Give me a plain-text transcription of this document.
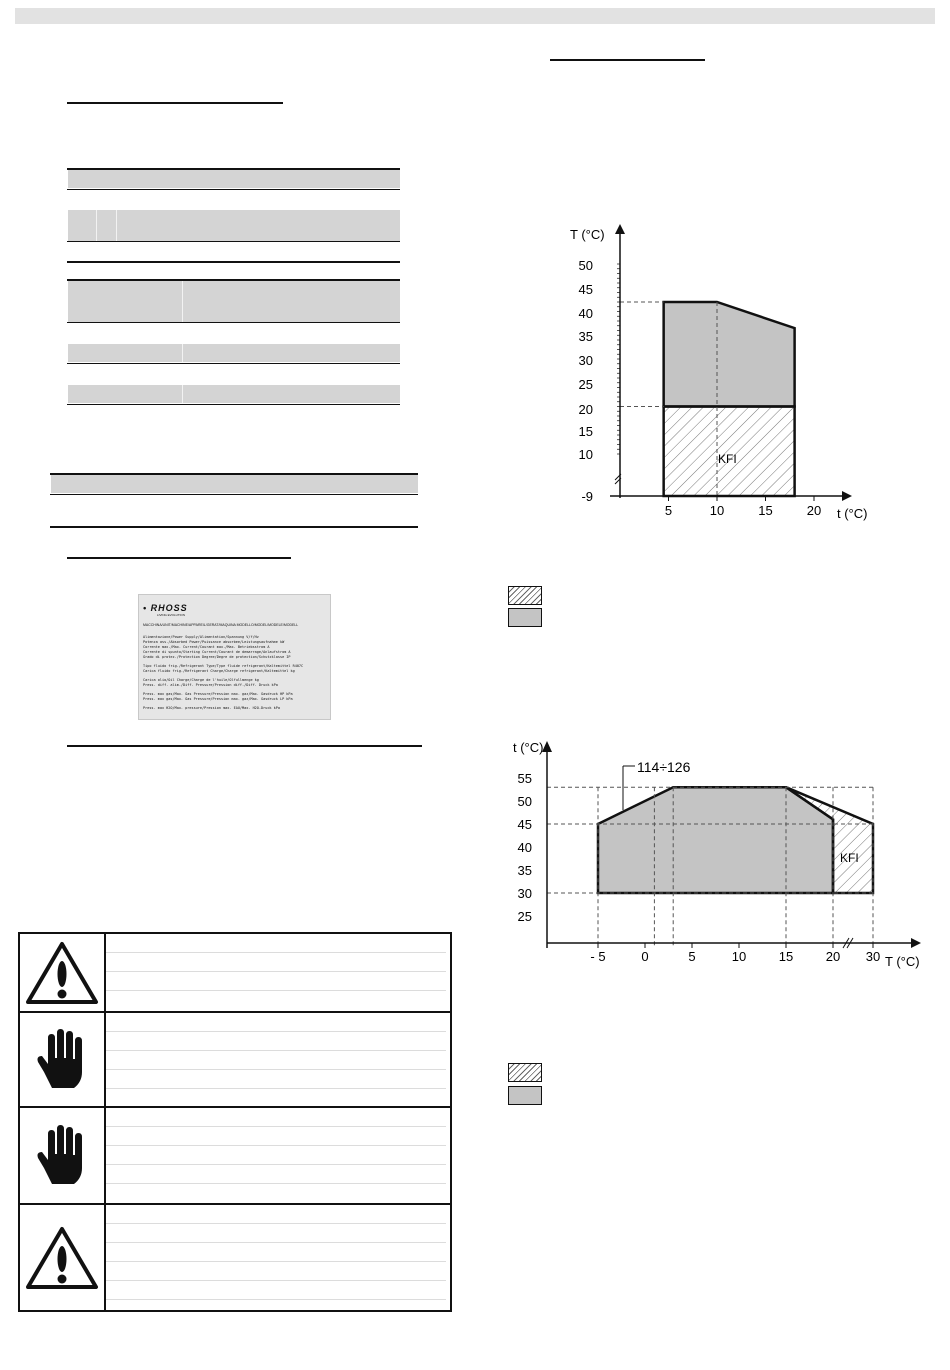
• RHOSS
LIVING EVOLUTION
MACCHINA/UNIT/MACHINE/APPAREIL/GERAT/MAQUINA MODELLO/MODEL/MODELE/MODELL
Alimentazione/Power Supply/Alimentation/Spannung V/f/Hz
Potenza ass./Absorbed Power/Puissance absorbee/Leistungsaufnahme kW
Corrente max./Max. Current/Courant max./Max. Betriebsstrom A
Corrente di spunto/Starting Current/Courant de demarrage/Anlaufstrom A
Grado di protez./Protection Degree/Degre de protection/Schutzklasse IP
Tipo fluido frig./Refrigerant Type/Type fluide refrigerant/Kaltemittel R407C
Carica fluido frig./Refrigerant Charge/Charge refrigerant/Kaltemittel kg
Carica olio/Oil Charge/Charge de l'huile/Olfullmenge kg
Press. diff. alim./Diff. Pressure/Pression diff./Diff. Druck kPa
Press. max gas/Max. Gas Pressure/Pression max. gaz/Max. Gasdruck HP kPa
Press. max gas/Max. Gas Pressure/Pression max. gaz/Max. Gasdruck LP kPa
Press. max H2O/Max. pressure/Pression max. EAU/Max. H2O-Druck kPa
50
45
40
35
30
25
20
15
10
-9
5	10	15	20
T (°C)
t (°C)
KFI
55
50
45
40
35
30
25
- 5	0	5	10	15	20 30
t (°C)
T (°C)
114÷126
KFI
